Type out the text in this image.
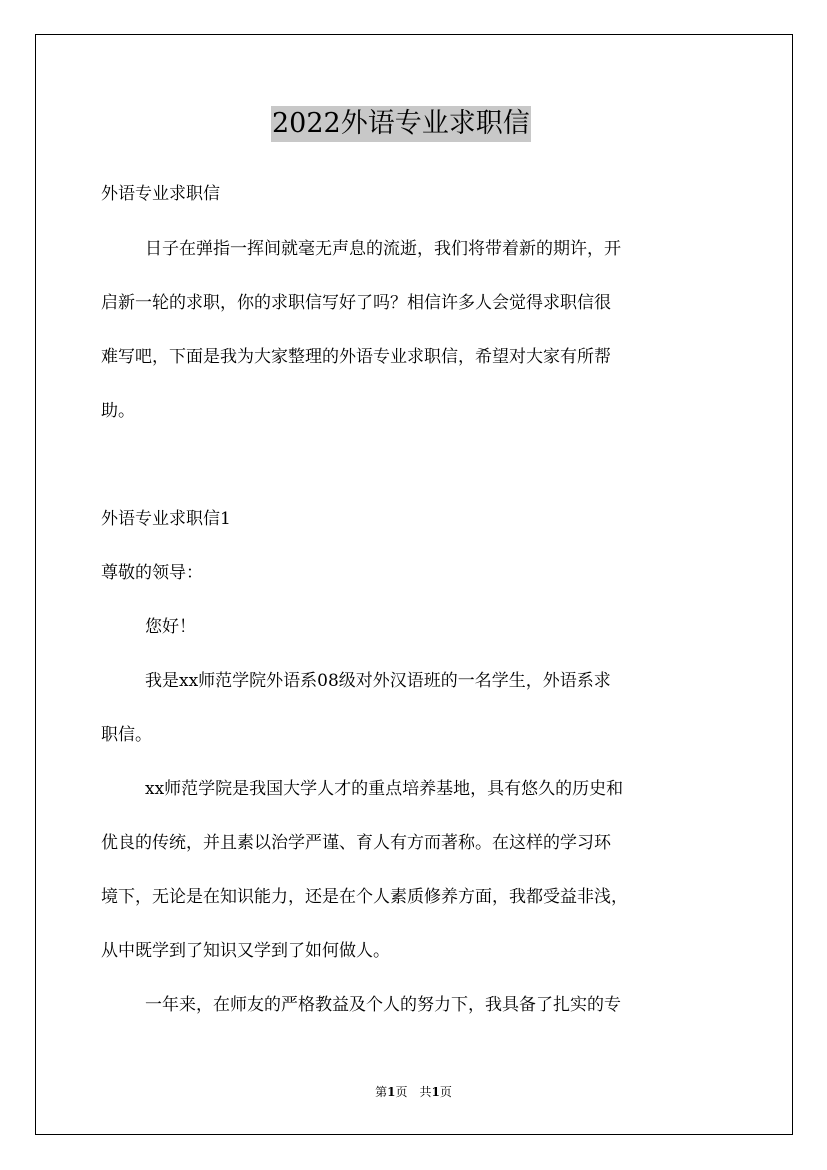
2022外语专业求职信
外语专业求职信
日子在弹指一挥间就毫无声息的流逝，我们将带着新的期许，开
启新一轮的求职，你的求职信写好了吗？相信许多人会觉得求职信很
难写吧，下面是我为大家整理的外语专业求职信，希望对大家有所帮
助。
外语专业求职信1
尊敬的领导：
您好！
我是xx师范学院外语系08级对外汉语班的一名学生，外语系求
职信。
xx师范学院是我国大学人才的重点培养基地，具有悠久的历史和
优良的传统，并且素以治学严谨、育人有方而著称。在这样的学习环
境下，无论是在知识能力，还是在个人素质修养方面，我都受益非浅，
从中既学到了知识又学到了如何做人。
一年来，在师友的严格教益及个人的努力下，我具备了扎实的专
第1页　共1页
